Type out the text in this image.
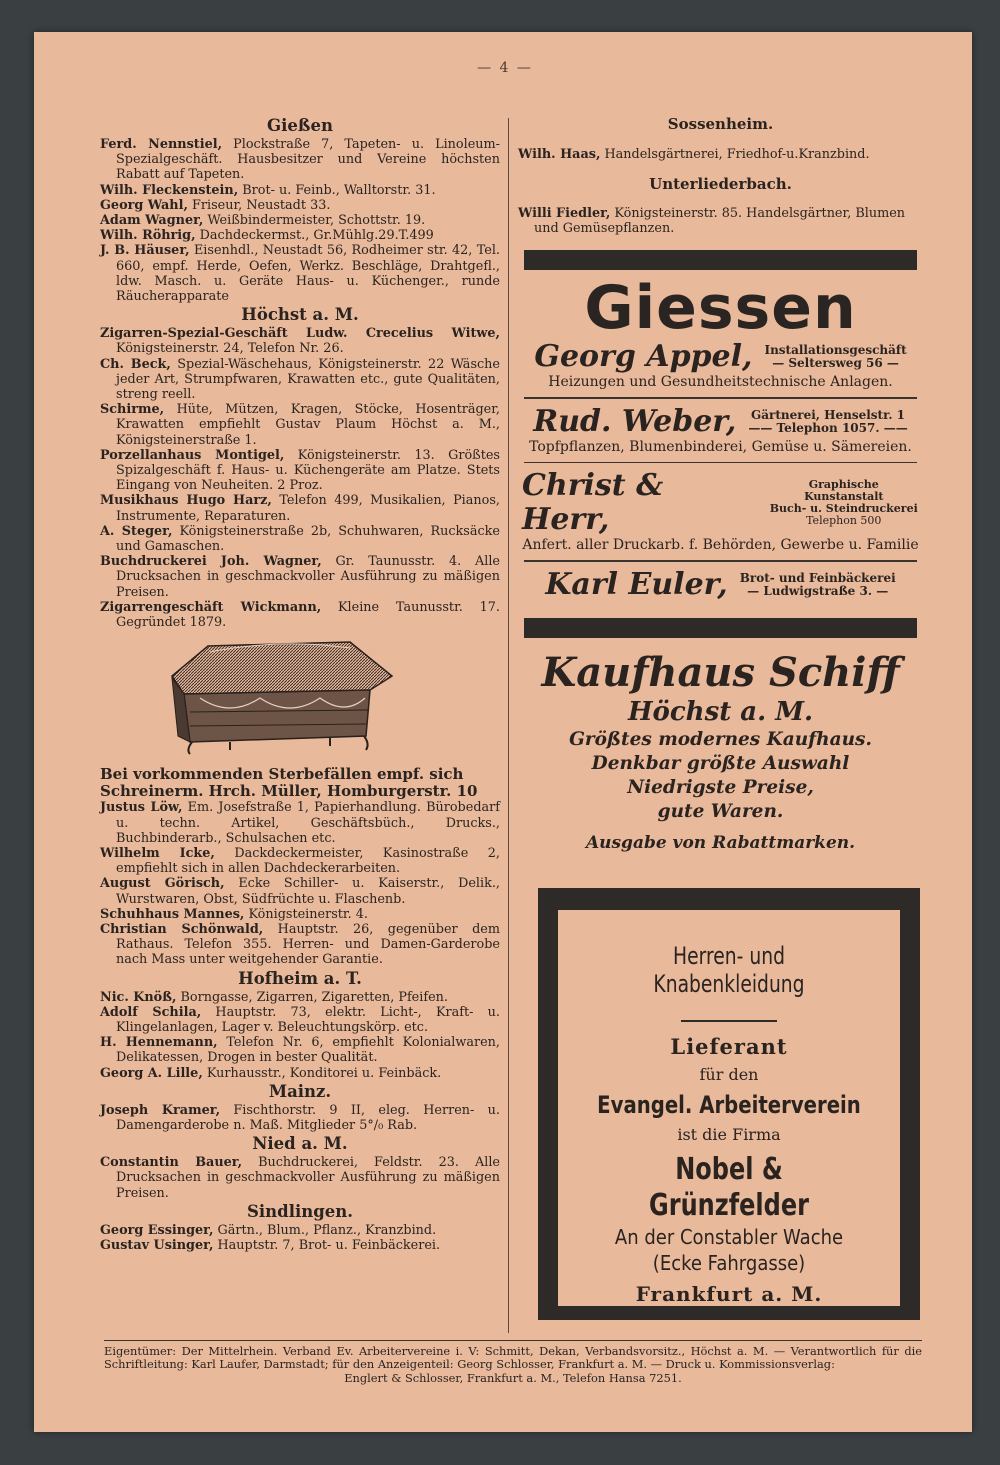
— 4 —
Gießen

Ferd. Nennstiel, Plockstraße 7, Tapeten- u. Linoleum-Spezialgeschäft. Hausbesitzer und Vereine höchsten Rabatt auf Tapeten.

Wilh. Fleckenstein, Brot- u. Feinb., Walltorstr. 31.

Georg Wahl, Friseur, Neustadt 33.

Adam Wagner, Weißbindermeister, Schottstr. 19.

Wilh. Röhrig, Dachdeckermst., Gr.Mühlg.29.T.499

J. B. Häuser, Eisenhdl., Neustadt 56, Rodheimer str. 42, Tel. 660, empf. Herde, Oefen, Werkz. Beschläge, Drahtgefl., ldw. Masch. u. Geräte Haus- u. Küchenger., runde Räucherapparate

Höchst a. M.

Zigarren-Spezial-Geschäft Ludw. Crecelius Witwe, Königsteinerstr. 24, Telefon Nr. 26.

Ch. Beck, Spezial-Wäschehaus, Königsteinerstr. 22 Wäsche jeder Art, Strumpfwaren, Krawatten etc., gute Qualitäten, streng reell.

Schirme, Hüte, Mützen, Kragen, Stöcke, Hosenträger, Krawatten empfiehlt Gustav Plaum Höchst a. M., Königsteinerstraße 1.

Porzellanhaus Montigel, Königsteinerstr. 13. Größtes Spizalgeschäft f. Haus- u. Küchengeräte am Platze. Stets Eingang von Neuheiten. 2 Proz.

Musikhaus Hugo Harz, Telefon 499, Musikalien, Pianos, Instrumente, Reparaturen.

A. Steger, Königsteinerstraße 2b, Schuhwaren, Rucksäcke und Gamaschen.

Buchdruckerei Joh. Wagner, Gr. Taunusstr. 4. Alle Drucksachen in geschmackvoller Ausführung zu mäßigen Preisen.

Zigarrengeschäft Wickmann, Kleine Taunusstr. 17. Gegründet 1879.

Bei vorkommenden Sterbefällen empf. sich
Schreinerm. Hrch. Müller, Homburgerstr. 10

Justus Löw, Em. Josefstraße 1, Papierhandlung. Bürobedarf u. techn. Artikel, Geschäftsbüch., Drucks., Buchbinderarb., Schulsachen etc.

Wilhelm Icke, Dackdeckermeister, Kasinostraße 2, empfiehlt sich in allen Dachdeckerarbeiten.

August Görisch, Ecke Schiller- u. Kaiserstr., Delik., Wurstwaren, Obst, Südfrüchte u. Flaschenb.

Schuhhaus Mannes, Königsteinerstr. 4.

Christian Schönwald, Hauptstr. 26, gegenüber dem Rathaus. Telefon 355. Herren- und Damen-Garderobe nach Mass unter weitgehender Garantie.

Hofheim a. T.

Nic. Knöß, Borngasse, Zigarren, Zigaretten, Pfeifen.

Adolf Schila, Hauptstr. 73, elektr. Licht-, Kraft- u. Klingelanlagen, Lager v. Beleuchtungskörp. etc.

H. Hennemann, Telefon Nr. 6, empfiehlt Kolonialwaren, Delikatessen, Drogen in bester Qualität.

Georg A. Lille, Kurhausstr., Konditorei u. Feinbäck.

Mainz.

Joseph Kramer, Fischthorstr. 9 II, eleg. Herren- u. Damengarderobe n. Maß. Mitglieder 5°/₀ Rab.

Nied a. M.

Constantin Bauer, Buchdruckerei, Feldstr. 23. Alle Drucksachen in geschmackvoller Ausführung zu mäßigen Preisen.

Sindlingen.

Georg Essinger, Gärtn., Blum., Pflanz., Kranzbind.

Gustav Usinger, Hauptstr. 7, Brot- u. Feinbäckerei.

Sossenheim.

Wilh. Haas, Handelsgärtnerei, Friedhof-u.Kranzbind.

Unterliederbach.

Willi Fiedler, Königsteinerstr. 85. Handelsgärtner, Blumen und Gemüsepflanzen.

Giessen
Georg Appel, Installationsgeschäft
— Seltersweg 56 —
Heizungen und Gesundheitstechnische Anlagen.
Rud. Weber, Gärtnerei, Henselstr. 1
—— Telephon 1057. ——
Topfpflanzen, Blumenbinderei, Gemüse u. Sämereien.
Christ & Herr,
Graphische Kunstanstalt
Buch- u. Steindruckerei
Telephon 500
Anfert. aller Druckarb. f. Behörden, Gewerbe u. Familie
Karl Euler, Brot- und Feinbäckerei
— Ludwigstraße 3. —
Kaufhaus Schiff
Höchst a. M.
Größtes modernes Kaufhaus.
Denkbar größte Auswahl
Niedrigste Preise,
gute Waren.
Ausgabe von Rabattmarken.
Herren- und Knabenkleidung
Lieferant
für den
Evangel. Arbeiterverein
ist die Firma
Nobel & Grünzfelder
An der Constabler Wache
(Ecke Fahrgasse)
Frankfurt a. M.
Eigentümer: Der Mittelrhein. Verband Ev. Arbeitervereine i. V: Schmitt, Dekan, Verbandsvorsitz., Höchst a. M. — Verantwortlich für die Schriftleitung: Karl Laufer, Darmstadt; für den Anzeigenteil: Georg Schlosser, Frankfurt a. M. — Druck u. Kommissionsverlag:
Englert & Schlosser, Frankfurt a. M., Telefon Hansa 7251.
